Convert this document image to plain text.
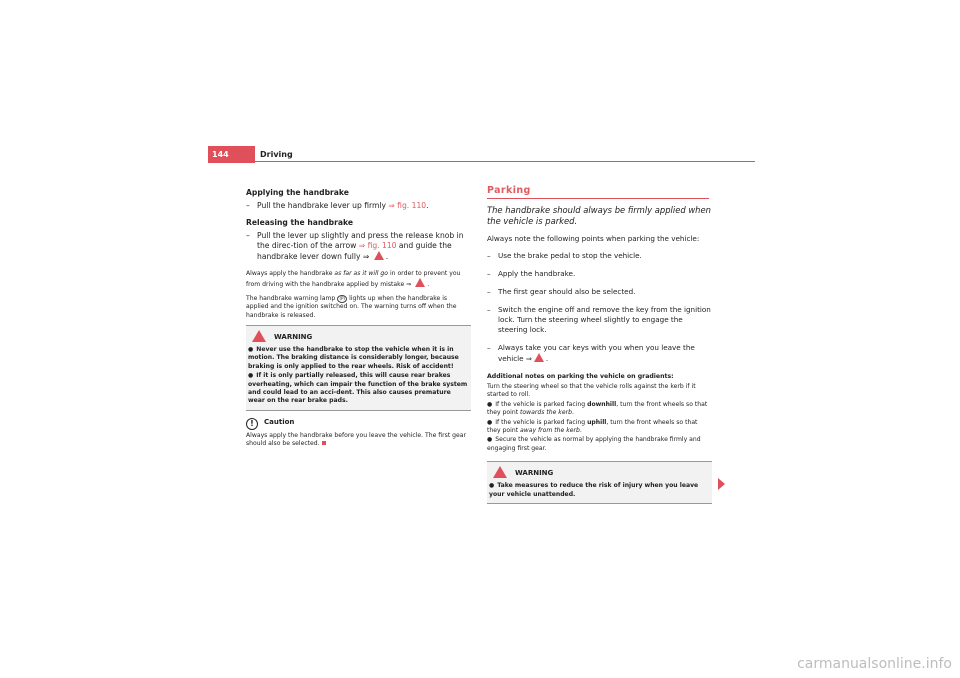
144	Driving

Applying the handbrake

– Pull the handbrake lever up firmly ⇒ fig. 110.

Releasing the handbrake

– Pull the lever up slightly and press the release knob in the direc-tion of the arrow ⇒ fig. 110 and guide the handbrake lever down fully ⇒ .

Always apply the handbrake as far as it will go in order to prevent you from driving with the handbrake applied by mistake ⇒	.

The handbrake warning lamp (P) lights up when the handbrake is applied and the ignition switched on. The warning turns off when the handbrake is released.

WARNING

● Never use the handbrake to stop the vehicle when it is in motion. The braking distance is considerably longer, because braking is only applied to the rear wheels. Risk of accident!

● If it is only partially released, this will cause rear brakes overheating, which can impair the function of the brake system and could lead to an acci-dent. This also causes premature wear on the rear brake pads.

! Caution

Always apply the handbrake before you leave the vehicle. The first gear should also be selected.

Parking

The handbrake should always be firmly applied when the vehicle is parked.

Always note the following points when parking the vehicle:

– Use the brake pedal to stop the vehicle.

– Apply the handbrake.

– The first gear should also be selected.

– Switch the engine off and remove the key from the ignition lock. Turn the steering wheel slightly to engage the steering lock.

– Always take you car keys with you when you leave the vehicle ⇒ .

Additional notes on parking the vehicle on gradients:

Turn the steering wheel so that the vehicle rolls against the kerb if it started to roll.

● If the vehicle is parked facing downhill, turn the front wheels so that they point towards the kerb.

● If the vehicle is parked facing uphill, turn the front wheels so that they point away from the kerb.

● Secure the vehicle as normal by applying the handbrake firmly and engaging first gear.

WARNING

● Take measures to reduce the risk of injury when you leave your vehicle unattended.

carmanualsonline.info
